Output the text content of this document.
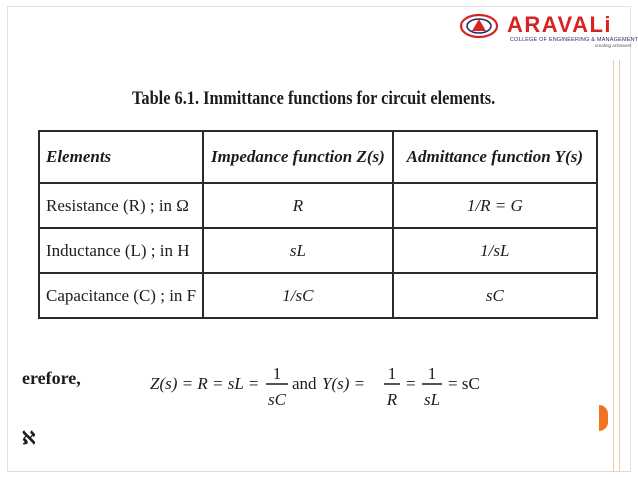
ARAVALi
COLLEGE OF ENGINEERING & MANAGEMENT
creating achievers
Table 6.1. Immittance functions for circuit elements.
Elements	Impedance function Z(s)	Admittance function Y(s)
Resistance (R) ; in Ω	R	1/R = G
Inductance (L) ; in H	sL	1/sL
Capacitance (C) ; in F	1/sC	sC
erefore,	Z(s) = R = sL =
1
sC
and Y(s) =
1
R
=
1
sL
= sC
ℵ
